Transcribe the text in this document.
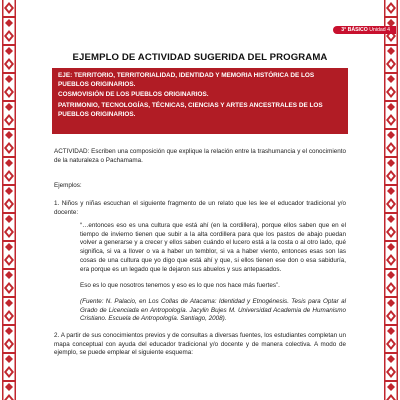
3° BÁSICO Unidad 4
EJEMPLO DE ACTIVIDAD SUGERIDA DEL PROGRAMA

EJE: TERRITORIO, TERRITORIALIDAD, IDENTIDAD Y MEMORIA HISTÓRICA DE LOS PUEBLOS ORIGINARIOS.

COSMOVISIÓN DE LOS PUEBLOS ORIGINARIOS.

PATRIMONIO, TECNOLOGÍAS, TÉCNICAS, CIENCIAS Y ARTES ANCESTRALES DE LOS PUEBLOS ORIGINARIOS.

ACTIVIDAD: Escriben una composición que explique la relación entre la trashumancia y el conocimiento de la naturaleza o Pachamama.
Ejemplos:
1. Niños y niñas escuchan el siguiente fragmento de un relato que les lee el educador tradicional y/o docente:
“…entonces eso es una cultura que está ahí (en la cordillera), porque ellos saben que en el tiempo de invierno tienen que subir a la alta cordillera para que los pastos de abajo puedan volver a generarse y a crecer y ellos saben cuándo el lucero está a la costa o al otro lado, qué significa, si va a llover o va a haber un temblor, si va a haber viento, entonces esas son las cosas de una cultura que yo digo que está ahí y que, si ellos tienen ese don o esa sabiduría, era porque es un legado que le dejaron sus abuelos y sus antepasados.
Eso es lo que nosotros tenemos y eso es lo que nos hace más fuertes”.
(Fuente: N. Palacio, en Los Collas de Atacama: Identidad y Etnogénesis. Tesis para Optar al Grado de Licenciada en Antropología. Jacylin Bujes M. Universidad Academia de Humanismo Cristiano. Escuela de Antropología. Santiago, 2008).
2. A partir de sus conocimientos previos y de consultas a diversas fuentes, los estudiantes completan un mapa conceptual con ayuda del educador tradicional y/o docente y de manera colectiva. A modo de ejemplo, se puede emplear el siguiente esquema:
